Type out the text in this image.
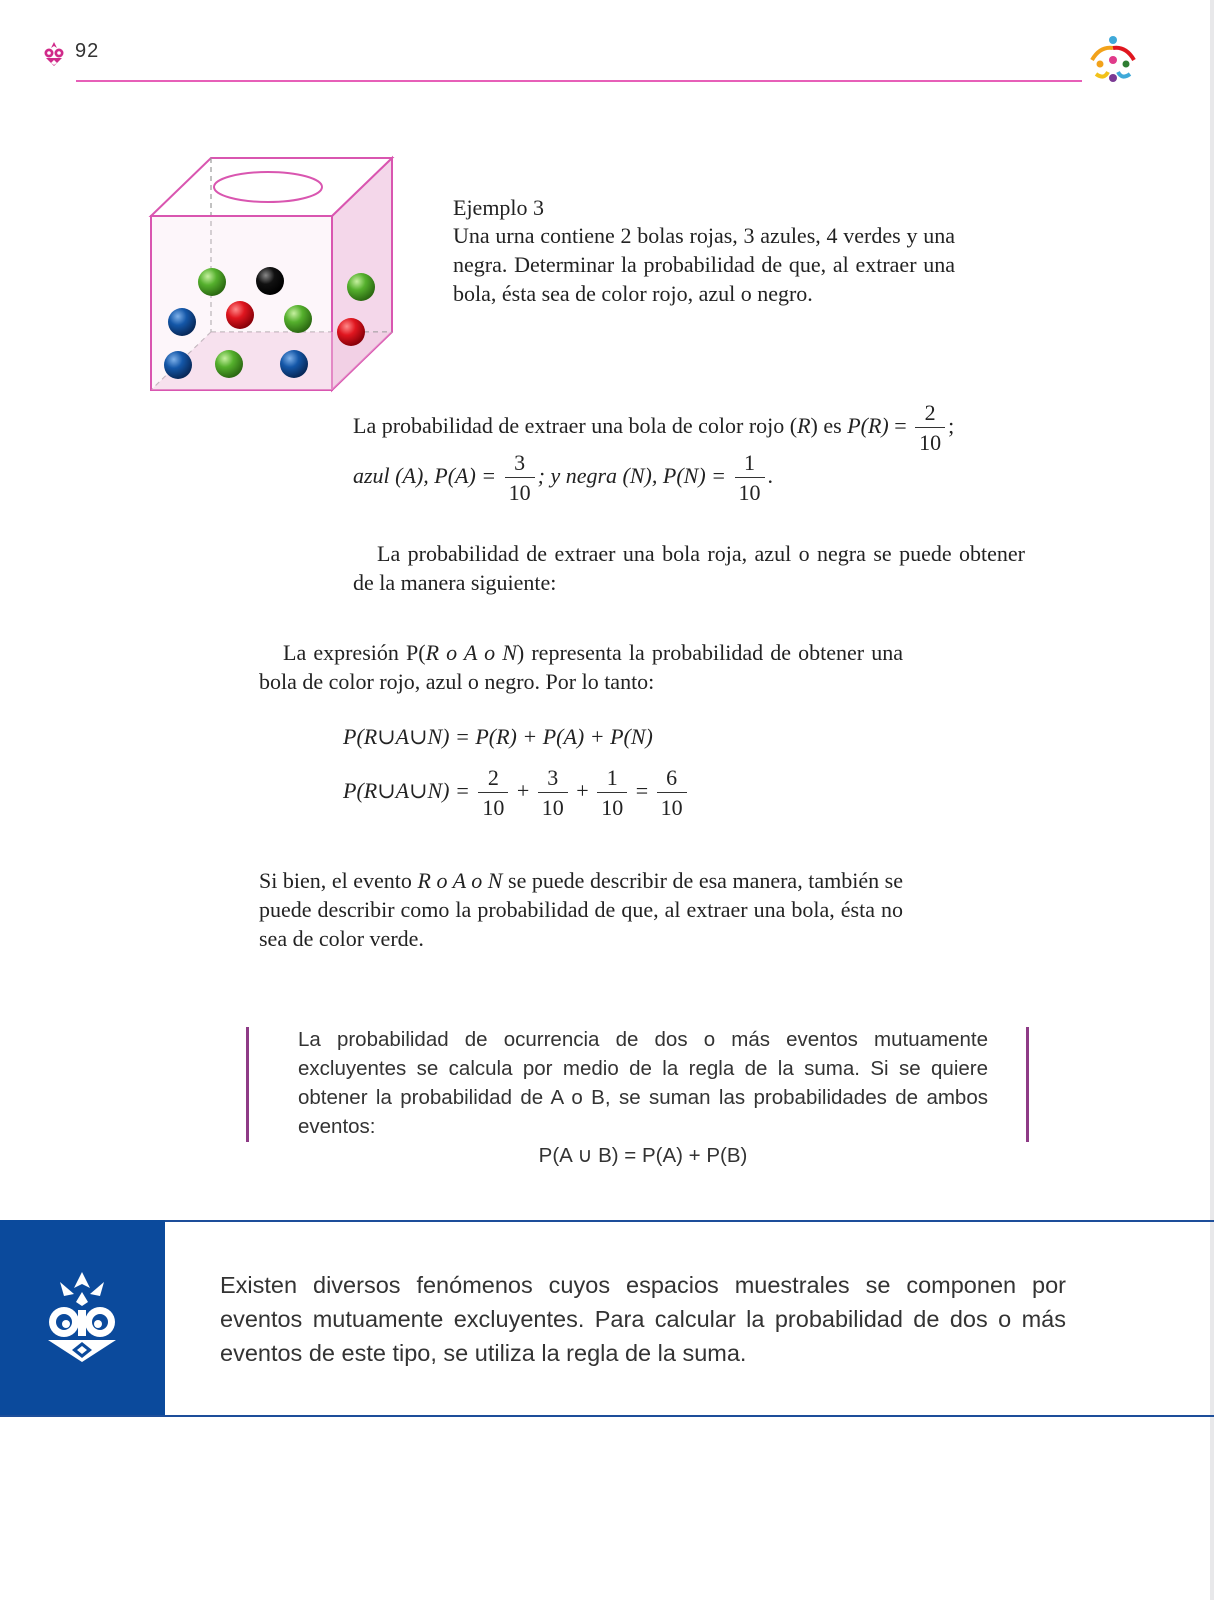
92
Ejemplo 3
Una urna contiene 2 bolas rojas, 3 azules, 4 verdes y una negra. Determinar la probabilidad de que, al extraer una bola, ésta sea de color rojo, azul o negro.
La probabilidad de extraer una bola de color rojo (R) es $P(R) = \frac{2}{10}$ ;
azul (A), $P(A) = \frac{3}{10}$ ; y negra (N), $P(N) = \frac{1}{10}$ .
La probabilidad de extraer una bola roja, azul o negra se puede obtener de la manera siguiente:
La expresión P(R o A o N) representa la probabilidad de obtener una bola de color rojo, azul o negro. Por lo tanto:
P(R∪A∪N) = P(R) + P(A) + P(N)
P(R∪A∪N) = $\frac{2}{10} + \frac{3}{10} + \frac{1}{10} = \frac{6}{10}$
Si bien, el evento R o A o N se puede describir de esa manera, también se puede describir como la probabilidad de que, al extraer una bola, ésta no sea de color verde.
La probabilidad de ocurrencia de dos o más eventos mutuamente excluyentes se calcula por medio de la regla de la suma. Si se quiere obtener la probabilidad de A o B, se suman las probabilidades de ambos eventos:
P(A ∪ B) = P(A) + P(B)
Existen diversos fenómenos cuyos espacios muestrales se componen por eventos mutuamente excluyentes. Para calcular la probabilidad de dos o más eventos de este tipo, se utiliza la regla de la suma.
